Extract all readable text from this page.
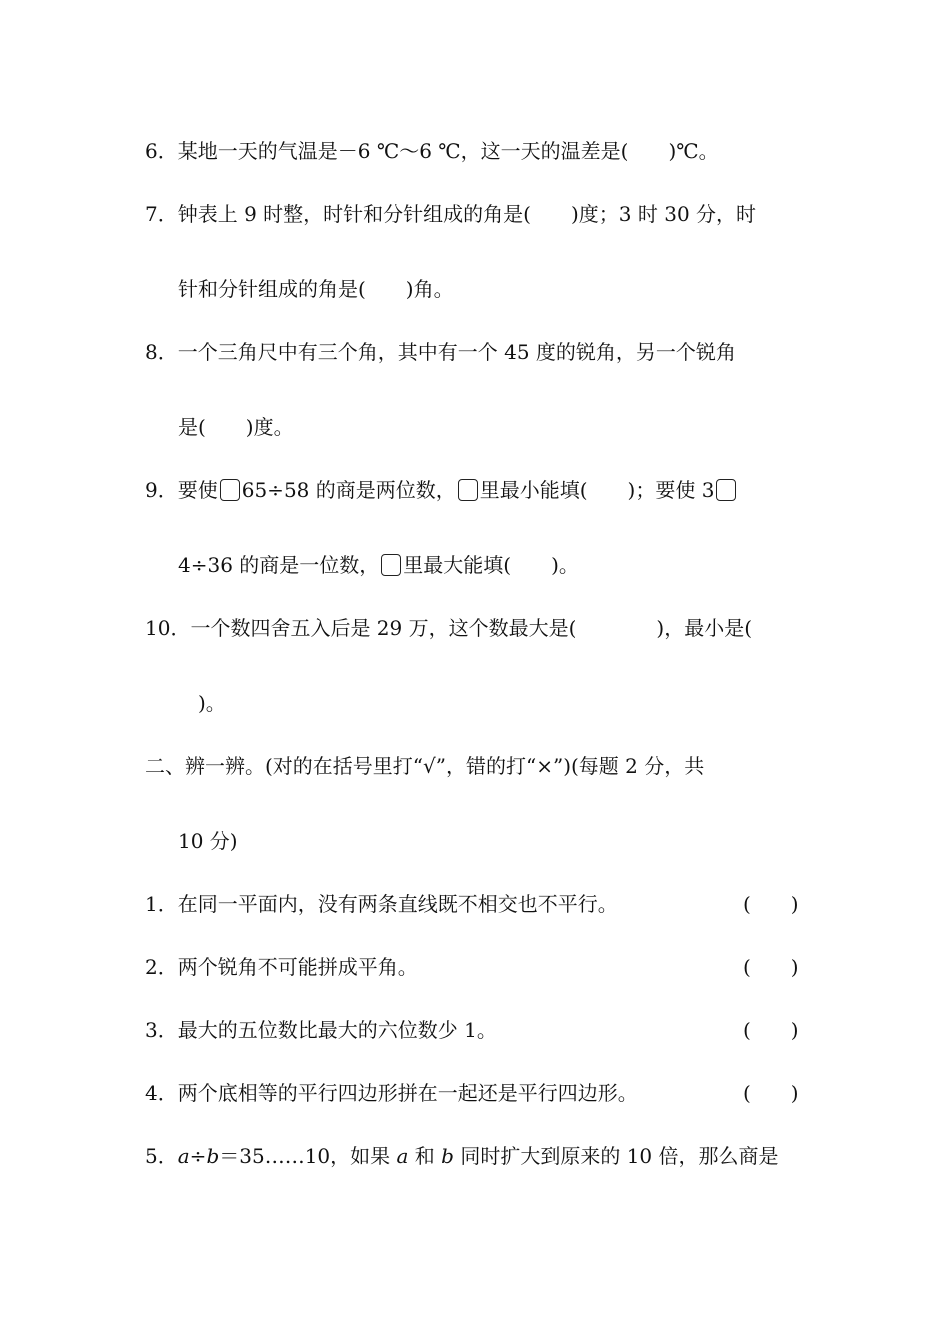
6．某地一天的气温是－6 ℃～6 ℃，这一天的温差是(　　)℃。
7．钟表上 9 时整，时针和分针组成的角是(　　)度；3 时 30 分，时
针和分针组成的角是(　　)角。
8．一个三角尺中有三个角，其中有一个 45 度的锐角，另一个锐角
是(　　)度。
9．要使 65÷58 的商是两位数， 里最小能填(　　)；要使 3
4÷36 的商是一位数， 里最大能填(　　)。
10．一个数四舍五入后是 29 万，这个数最大是(　　　　)，最小是(
　)。
二、辨一辨。(对的在括号里打“√”，错的打“×”)(每题 2 分，共
10 分)
1．在同一平面内，没有两条直线既不相交也不平行。	(　　)
2．两个锐角不可能拼成平角。	(　　)
3．最大的五位数比最大的六位数少 1。	(　　)
4．两个底相等的平行四边形拼在一起还是平行四边形。	(　　)
5．a÷b＝35……10，如果 a 和 b 同时扩大到原来的 10 倍，那么商是
